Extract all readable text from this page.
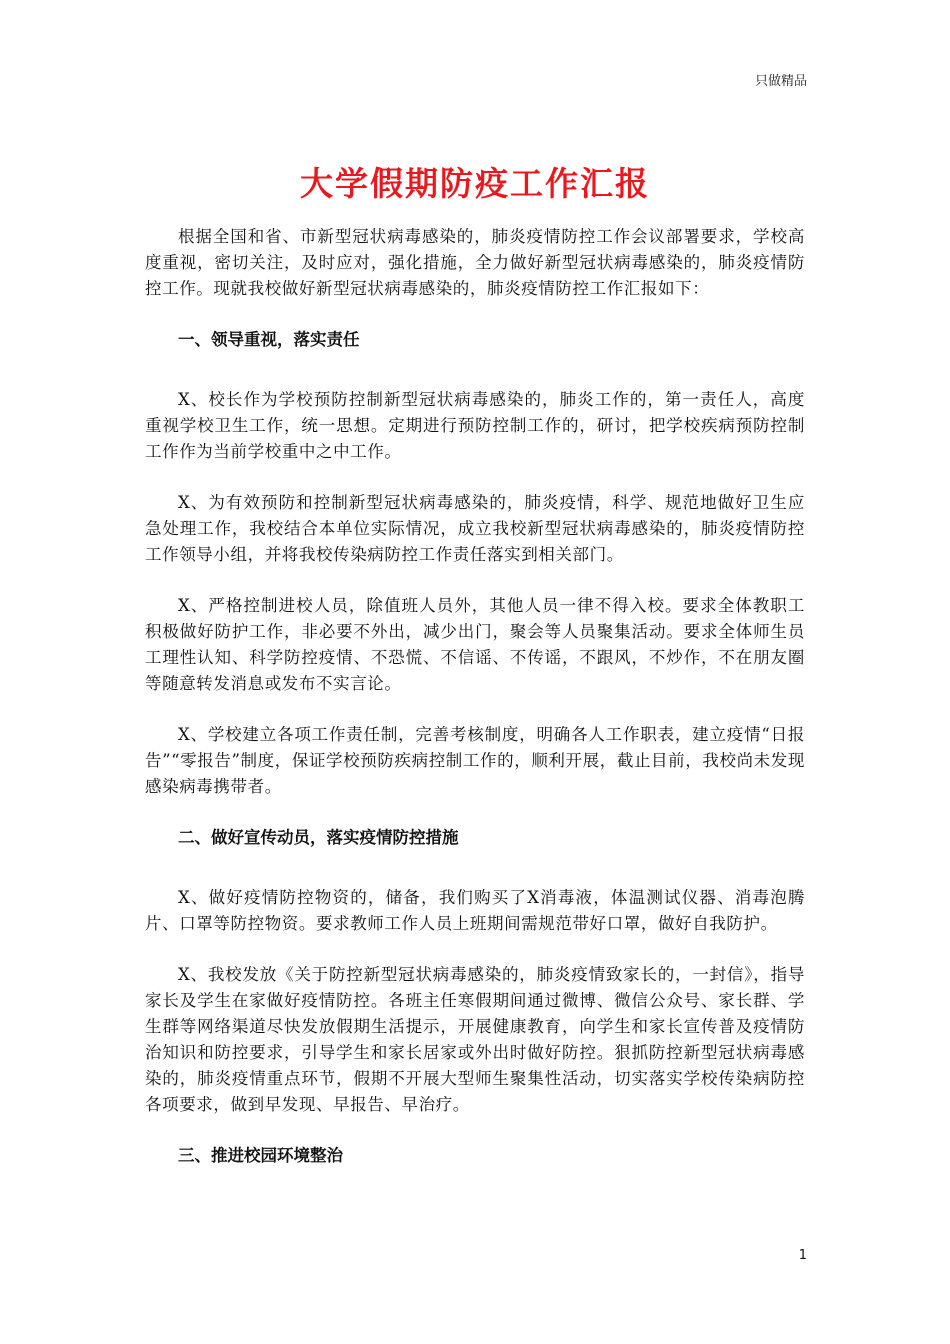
只做精品
大学假期防疫工作汇报

根据全国和省、市新型冠状病毒感染的，肺炎疫情防控工作会议部署要求，学校高度重视，密切关注，及时应对，强化措施，全力做好新型冠状病毒感染的，肺炎疫情防控工作。现就我校做好新型冠状病毒感染的，肺炎疫情防控工作汇报如下：

一、领导重视，落实责任

X、校长作为学校预防控制新型冠状病毒感染的，肺炎工作的，第一责任人，高度重视学校卫生工作，统一思想。定期进行预防控制工作的，研讨，把学校疾病预防控制工作作为当前学校重中之中工作。

X、为有效预防和控制新型冠状病毒感染的，肺炎疫情，科学、规范地做好卫生应急处理工作，我校结合本单位实际情况，成立我校新型冠状病毒感染的，肺炎疫情防控工作领导小组，并将我校传染病防控工作责任落实到相关部门。

X、严格控制进校人员，除值班人员外，其他人员一律不得入校。要求全体教职工积极做好防护工作，非必要不外出，减少出门，聚会等人员聚集活动。要求全体师生员工理性认知、科学防控疫情、不恐慌、不信谣、不传谣，不跟风，不炒作，不在朋友圈等随意转发消息或发布不实言论。

X、学校建立各项工作责任制，完善考核制度，明确各人工作职表，建立疫情“日报告”“零报告”制度，保证学校预防疾病控制工作的，顺利开展，截止目前，我校尚未发现感染病毒携带者。

二、做好宣传动员，落实疫情防控措施

X、做好疫情防控物资的，储备，我们购买了X消毒液，体温测试仪器、消毒泡腾片、口罩等防控物资。要求教师工作人员上班期间需规范带好口罩，做好自我防护。

X、我校发放《关于防控新型冠状病毒感染的，肺炎疫情致家长的，一封信》，指导家长及学生在家做好疫情防控。各班主任寒假期间通过微博、微信公众号、家长群、学生群等网络渠道尽快发放假期生活提示，开展健康教育，向学生和家长宣传普及疫情防治知识和防控要求，引导学生和家长居家或外出时做好防控。狠抓防控新型冠状病毒感染的，肺炎疫情重点环节，假期不开展大型师生聚集性活动，切实落实学校传染病防控各项要求，做到早发现、早报告、早治疗。

三、推进校园环境整治
1
